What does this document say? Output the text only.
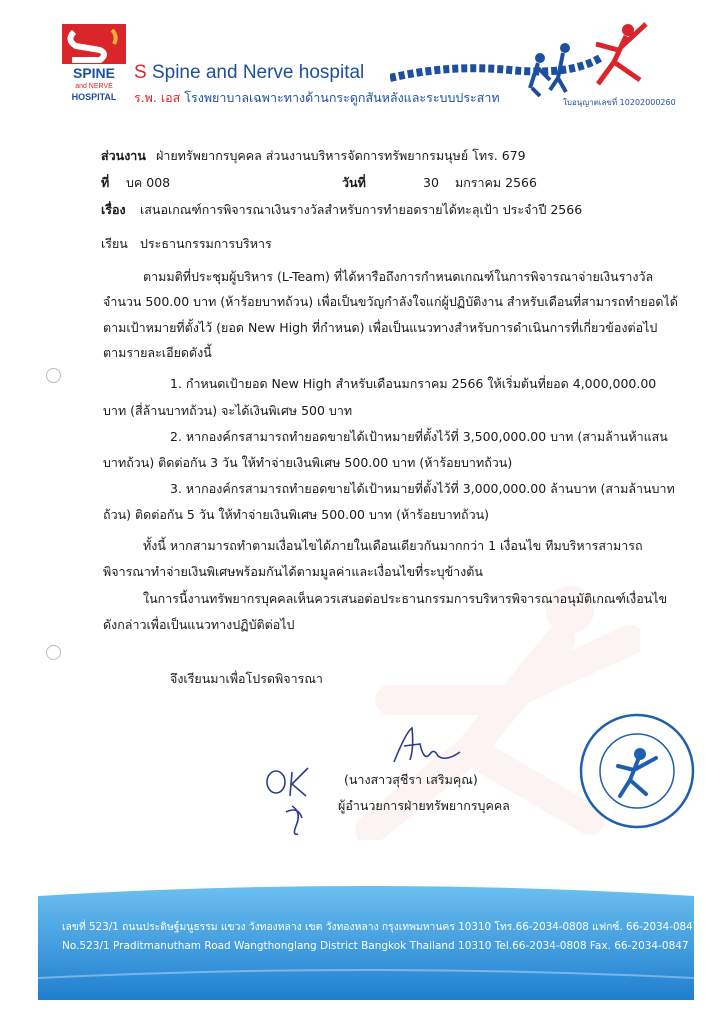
SPINE
and NERVE
HOSPITAL
S Spine and Nerve hospital
ร.พ. เอส โรงพยาบาลเฉพาะทางด้านกระดูกสันหลังและระบบประสาท	ใบอนุญาตเลขที่ 10202000260
ส่วนงาน ฝ่ายทรัพยากรบุคคล ส่วนงานบริหารจัดการทรัพยากรมนุษย์ โทร. 679
ที่ บค 008	วันที่	30 มกราคม 2566
เรื่อง เสนอเกณฑ์การพิจารณาเงินรางวัลสำหรับการทำยอดรายได้ทะลุเป้า ประจำปี 2566
เรียน ประธานกรรมการบริหาร
ตามมติที่ประชุมผู้บริหาร (L-Team) ที่ได้หารือถึงการกำหนดเกณฑ์ในการพิจารณาจ่ายเงินรางวัล
จำนวน 500.00 บาท (ห้าร้อยบาทถ้วน) เพื่อเป็นขวัญกำลังใจแก่ผู้ปฏิบัติงาน สำหรับเดือนที่สามารถทำยอดได้
ตามเป้าหมายที่ตั้งไว้ (ยอด New High ที่กำหนด) เพื่อเป็นแนวทางสำหรับการดำเนินการที่เกี่ยวข้องต่อไป
ตามรายละเอียดดังนี้
1. กำหนดเป้ายอด New High สำหรับเดือนมกราคม 2566 ให้เริ่มต้นที่ยอด 4,000,000.00
บาท (สี่ล้านบาทถ้วน) จะได้เงินพิเศษ 500 บาท
2. หากองค์กรสามารถทำยอดขายได้เป้าหมายที่ตั้งไว้ที่ 3,500,000.00 บาท (สามล้านห้าแสน
บาทถ้วน) ติดต่อกัน 3 วัน ให้ทำจ่ายเงินพิเศษ 500.00 บาท (ห้าร้อยบาทถ้วน)
3. หากองค์กรสามารถทำยอดขายได้เป้าหมายที่ตั้งไว้ที่ 3,000,000.00 ล้านบาท (สามล้านบาท
ถ้วน) ติดต่อกัน 5 วัน ให้ทำจ่ายเงินพิเศษ 500.00 บาท (ห้าร้อยบาทถ้วน)
ทั้งนี้ หากสามารถทำตามเงื่อนไขได้ภายในเดือนเดียวกันมากกว่า 1 เงื่อนไข ทีมบริหารสามารถ
พิจารณาทำจ่ายเงินพิเศษพร้อมกันได้ตามมูลค่าและเงื่อนไขที่ระบุข้างต้น
ในการนี้งานทรัพยากรบุคคลเห็นควรเสนอต่อประธานกรรมการบริหารพิจารณาอนุมัติเกณฑ์เงื่อนไข
ดังกล่าวเพื่อเป็นแนวทางปฏิบัติต่อไป
จึงเรียนมาเพื่อโปรดพิจารณา
(นางสาวสุชีรา เสริมคุณ)
ผู้อำนวยการฝ่ายทรัพยากรบุคคล
เลขที่ 523/1 ถนนประดิษฐ์มนูธรรม แขวง วังทองหลาง เขต วังทองหลาง กรุงเทพมหานคร 10310 โทร.66-2034-0808 แฟกซ์. 66-2034-0847
No.523/1 Praditmanutham Road Wangthonglang District Bangkok Thailand 10310 Tel.66-2034-0808 Fax. 66-2034-0847
